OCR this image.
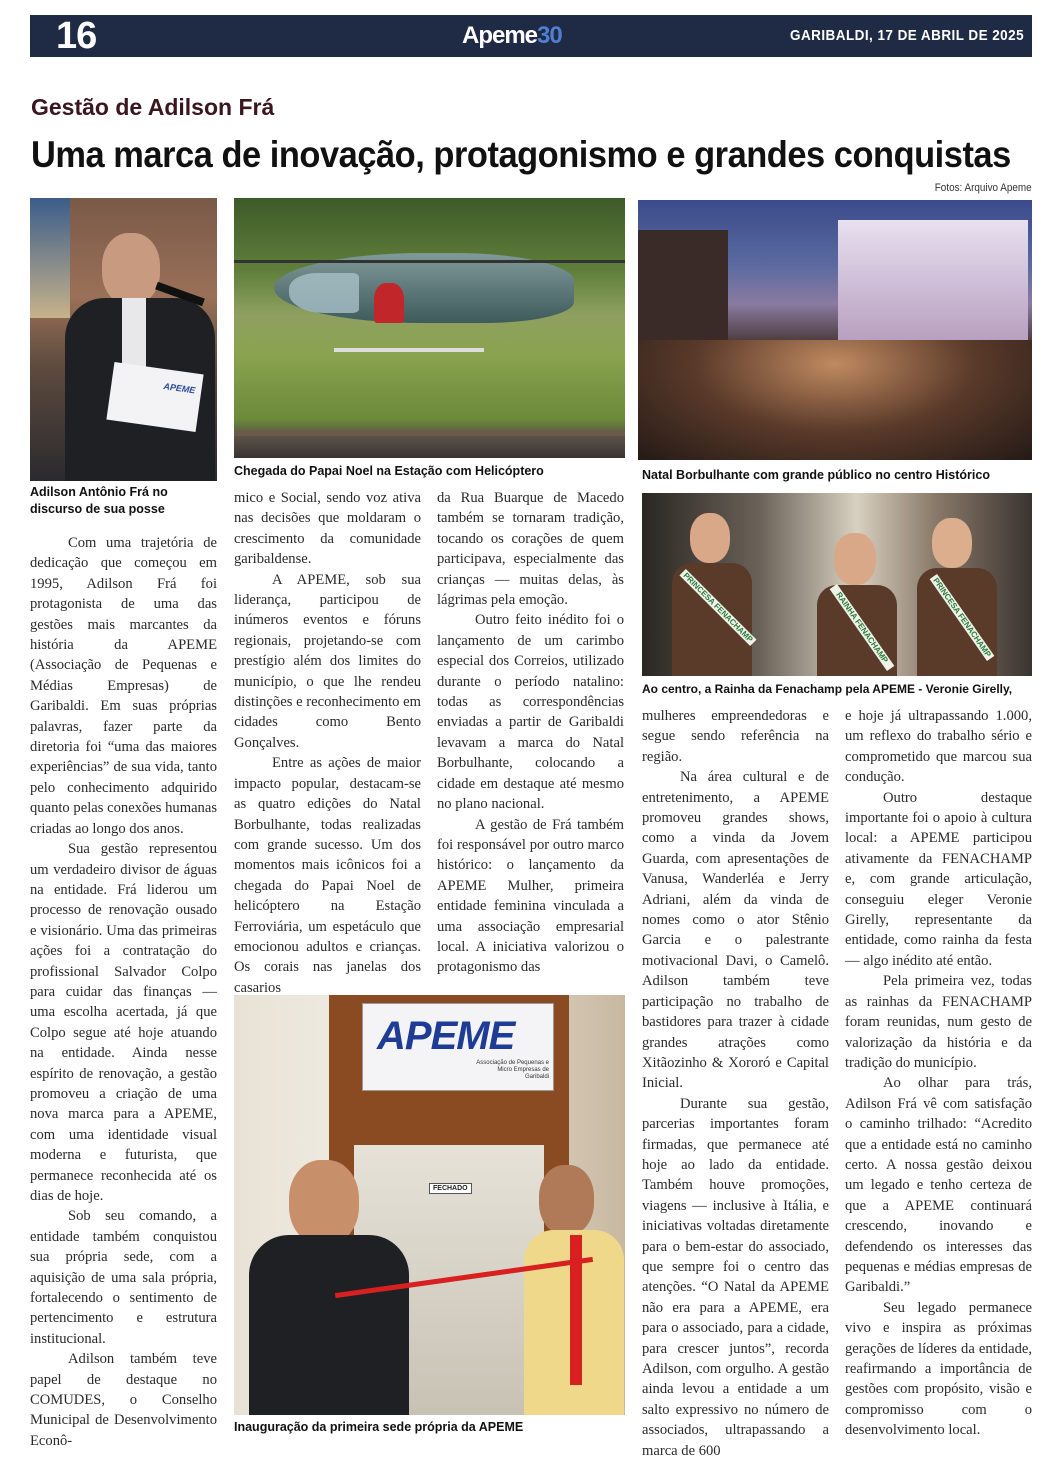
16	Apeme30	GARIBALDI, 17 DE ABRIL DE 2025
Gestão de Adilson Frá
Uma marca de inovação, protagonismo e grandes conquistas
Fotos: Arquivo Apeme
APEME
Adilson Antônio Frá no discurso de sua posse
Chegada do Papai Noel na Estação com Helicóptero	Natal Borbulhante com grande público no centro Histórico
PRINCESA FENACHAMP	RAINHA FENACHAMP	PRINCESA FENACHAMP
Ao centro, a Rainha da Fenachamp pela APEME - Veronie Girelly,
APEME
Associação de Pequenas e Micro Empresas de Garibaldi
FECHADO
Inauguração da primeira sede própria da APEME

Com uma trajetória de dedicação que começou em 1995, Adilson Frá foi protagonista de uma das gestões mais marcantes da história da APEME (Associação de Pequenas e Médias Empresas) de Garibaldi. Em suas próprias palavras, fazer parte da diretoria foi “uma das maiores experiências” de sua vida, tanto pelo conhecimento adquirido quanto pelas conexões humanas criadas ao longo dos anos.

Sua gestão representou um verdadeiro divisor de águas na entidade. Frá liderou um processo de renovação ousado e visionário. Uma das primeiras ações foi a contratação do profissional Salvador Colpo para cuidar das finanças — uma escolha acertada, já que Colpo segue até hoje atuando na entidade. Ainda nesse espírito de renovação, a gestão promoveu a criação de uma nova marca para a APEME, com uma identidade visual moderna e futurista, que permanece reconhecida até os dias de hoje.

Sob seu comando, a entidade também conquistou sua própria sede, com a aquisição de uma sala própria, fortalecendo o sentimento de pertencimento e estrutura institucional.

Adilson também teve papel de destaque no COMUDES, o Conselho Municipal de Desenvolvimento Econô-

mico e Social, sendo voz ativa nas decisões que moldaram o crescimento da comunidade garibaldense.

A APEME, sob sua liderança, participou de inúmeros eventos e fóruns regionais, projetando-se com prestígio além dos limites do município, o que lhe rendeu distinções e reconhecimento em cidades como Bento Gonçalves.

Entre as ações de maior impacto popular, destacam-se as quatro edições do Natal Borbulhante, todas realizadas com grande sucesso. Um dos momentos mais icônicos foi a chegada do Papai Noel de helicóptero na Estação Ferroviária, um espetáculo que emocionou adultos e crianças. Os corais nas janelas dos casarios

da Rua Buarque de Macedo também se tornaram tradição, tocando os corações de quem participava, especialmente das crianças — muitas delas, às lágrimas pela emoção.

Outro feito inédito foi o lançamento de um carimbo especial dos Correios, utilizado durante o período natalino: todas as correspondências enviadas a partir de Garibaldi levavam a marca do Natal Borbulhante, colocando a cidade em destaque até mesmo no plano nacional.

A gestão de Frá também foi responsável por outro marco histórico: o lançamento da APEME Mulher, primeira entidade feminina vinculada a uma associação empresarial local. A iniciativa valorizou o protagonismo das

mulheres empreendedoras e segue sendo referência na região.

Na área cultural e de entretenimento, a APEME promoveu grandes shows, como a vinda da Jovem Guarda, com apresentações de Vanusa, Wanderléa e Jerry Adriani, além da vinda de nomes como o ator Stênio Garcia e o palestrante motivacional Davi, o Camelô. Adilson também teve participação no trabalho de bastidores para trazer à cidade grandes atrações como Xitãozinho & Xororó e Capital Inicial.

Durante sua gestão, parcerias importantes foram firmadas, que permanece até hoje ao lado da entidade. Também houve promoções, viagens — inclusive à Itália, e iniciativas voltadas diretamente para o bem-estar do associado, que sempre foi o centro das atenções. “O Natal da APEME não era para a APEME, era para o associado, para a cidade, para crescer juntos”, recorda Adilson, com orgulho. A gestão ainda levou a entidade a um salto expressivo no número de associados, ultrapassando a marca de 600

e hoje já ultrapassando 1.000, um reflexo do trabalho sério e comprometido que marcou sua condução.

Outro destaque importante foi o apoio à cultura local: a APEME participou ativamente da FENACHAMP e, com grande articulação, conseguiu eleger Veronie Girelly, representante da entidade, como rainha da festa — algo inédito até então.

Pela primeira vez, todas as rainhas da FENACHAMP foram reunidas, num gesto de valorização da história e da tradição do município.

Ao olhar para trás, Adilson Frá vê com satisfação o caminho trilhado: “Acredito que a entidade está no caminho certo. A nossa gestão deixou um legado e tenho certeza de que a APEME continuará crescendo, inovando e defendendo os interesses das pequenas e médias empresas de Garibaldi.”

Seu legado permanece vivo e inspira as próximas gerações de líderes da entidade, reafirmando a importância de gestões com propósito, visão e compromisso com o desenvolvimento local.
